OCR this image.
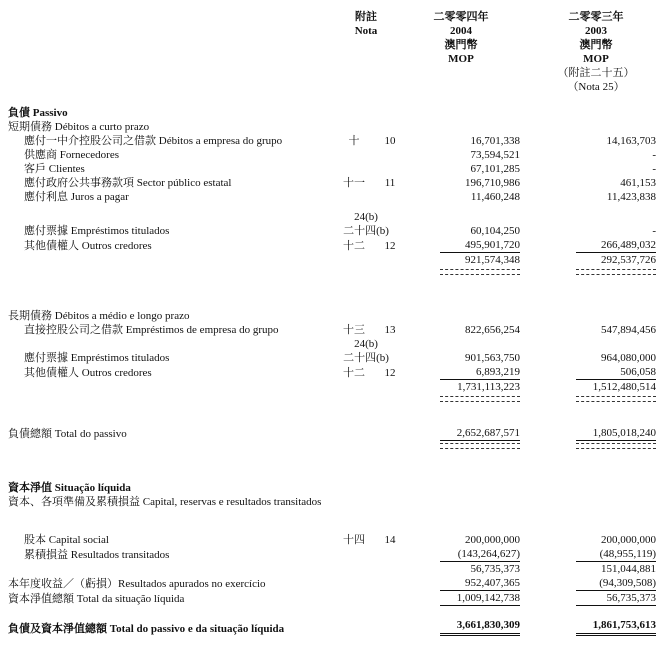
附註
Nota

二零零四年
2004
澳門幣
MOP

二零零三年
2003
澳門幣
MOP
（附註二十五）
（Nota 25）

負債 Passivo					

短期債務 Débitos a curto prazo					

應付一中介控股公司之借款 Débitos a empresa do grupo	十	10	16,701,338		14,163,703
供應商 Fornecedores			73,594,521		-
客戶 Clientes			67,101,285		-
應付政府公共事務款項 Sector público estatal	十一	11	196,710,986		461,153
應付利息 Juros a pagar			11,460,248		11,423,838

	24(b)				
應付票據 Empréstimos titulados	二十四(b)		60,104,250		-
其他債權人 Outros credores	十二	12	495,901,720		266,489,032
			921,574,348		292,537,726

長期債務 Débitos a médio e longo prazo					

直接控股公司之借款 Empréstimos de empresa do grupo	十三	13	822,656,254		547,894,456
	24(b)				
應付票據 Empréstimos titulados	二十四(b)		901,563,750		964,080,000
其他債權人 Outros credores	十二	12	6,893,219		506,058
			1,731,113,223		1,512,480,514

負債總額 Total do passivo			2,652,687,571		1,805,018,240

資本淨值 Situação líquida					

資本、各項準備及累積損益 Capital, reservas e resultados transitados					

股本 Capital social	十四	14	200,000,000		200,000,000
累積損益 Resultados transitados			(143,264,627)		(48,955,119)
			56,735,373		151,044,881
本年度收益／（虧損）Resultados apurados no exercício			952,407,365		(94,309,508)
資本淨值總額 Total da situação líquida			1,009,142,738		56,735,373

負債及資本淨值總額 Total do passivo e da situação líquida			3,661,830,309		1,861,753,613
